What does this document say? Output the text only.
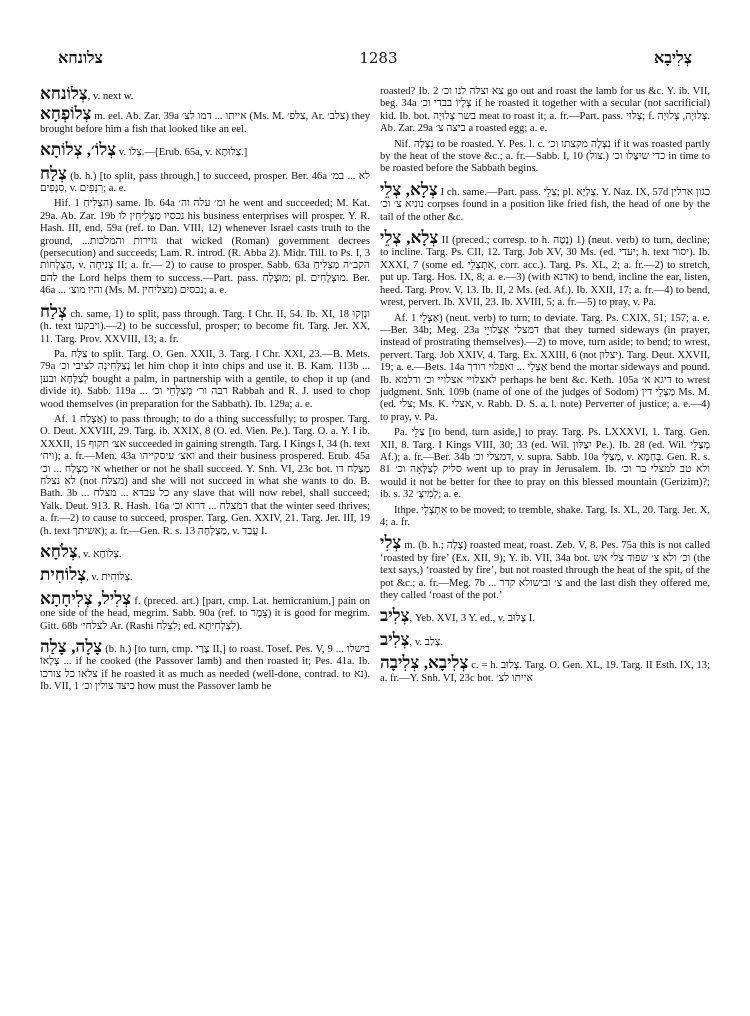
צלונחא	1283	צְלִיבָא

צְלוֹנחא, v. next w.

צְלוֹפְחָא m. eel. Ab. Zar. 39a אייתו ... דמו לצ׳ (Ms. M. צלּפ׳, Ar. צלב׳) they brought before him a fish that looked like an eel.

צְלוֹ׳, צְלוֹתָא v. צְלוֹ.—[Erub. 65a, v. צְלוּתָא.]

צְלַח (b. h.) [to split, pass through,] to succeed, prosper. Ber. 46a לא ... במ׳ סִנָּפִים, v. רִנְּפִים; a. e.

Hif. הִצְלִיחַ 1) same. Ib. 64a ומ׳ עלה וה׳ he went and succeeded; M. Kat. 29a. Ab. Zar. 19b נכסיו מַצְלִיחִין לו his business enterprises will prosper. Y. R. Hash. III, end, 59a (ref. to Dan. VIII, 12) whenever Israel casts truth to the ground, ...גזירות והמלכות that wicked (Roman) government decrees (persecution) and succeeds; Lam. R. introd. (R. Abba 2). Midr. Till. to Ps. I, 3 הַצְלָחוֹת, v. צְנִיחָה II; a. fr.— 2) to cause to prosper. Sabb. 63a הקב״ה מַצְלִיחַ להם the Lord helps them to success.—Part. pass. מוּצְלָח; pl. מוּצְלָחִים. Ber. 46a ... והיו מוצ׳ (Ms. M. מצליחין) נכסים; a. e.

צְלַח ch. same, 1) to split, pass through. Targ. I Chr. II, 54. Ib. XI, 18 ונָזְקוּ (h. text ויבקעו).—2) to be successful, prosper; to become fit. Targ. Jer. XX, 11. Targ. Prov. XXVIII, 13; a. fr.

Pa. צַלַּח to split. Targ. O. Gen. XXII, 3. Targ. I Chr. XXI, 23.—B. Mets. 79a נְצַלְּחִינָה לציבי וכ׳ let him chop it into chips and use it. B. Kam. 113b ... לְצַלְּחָא ובען bought a palm, in partnership with a gentile, to chop it up (and divide it). Sabb. 119a ... רבה ור׳ מְצַלְּחֵי וכ׳ Rabbah and R. J. used to chop wood themselves (in preparation for the Sabbath). Ib. 129a; a. e.

Af. אַצְלַח 1) to pass through; to do a thing successfully; to prosper. Targ. O. Deut. XXVIII, 29. Targ. ib. XXIX, 8 (O. ed. Vien. Pe.). Targ. O. a. Y. I ib. XXXII, 15 אצ׳ תקוף succeeded in gaining strength. Targ. I Kings I, 34 (h. text ויח׳); a. fr.—Men. 43a ואצ׳ עיסקייהו and their business prospered. Erub. 45a אי מַצְלַח ... וכ׳ whether or not he shall succeed. Y. Snh. VI, 23c bot. מַצְלַח דו לא נצלח (not מצלח) and she will not succeed in what she wants to do. B. Bath. 3b ... כל עבדא ... מצלח any slave that will now rebel, shall succeed; Yalk. Deut. 913. R. Hash. 16a דמצלח ... דרוא וכ׳ that the winter seed thrives; a. fr.—2) to cause to succeed, prosper. Targ. Gen. XXIV, 21. Targ. Jer. III, 19 (h. text אשיתך); a. fr.—Gen. R. s. 13 מַצְלְחָה, v. עֲבַד I.

צְלֹחָא, v. צְלוֹחָא.

צְלוֹחִית, v. צְלוֹחִית.

צְלִיל, צְלִיחָתָא f. (preced. art.) [part, cmp. Lat. hemicranium,] pain on one side of the head, megrim. Sabb. 90a (ref. to צֵמֶר) it is good for megrim. Gitt. 68b לצלחי׳ Ar. (Rashi לִצְלַח; ed. לִצְלְחִיתָא).

צָלָה, צָלַה (b. h.) [to turn, cmp. צָרַי II,] to roast. Tosef. Pes. V, 9 ... בישלו ... צְלָאוֹ if he cooked (the Passover lamb) and then roasted it; Pes. 41a. Ib. צלאו כל צורכו if he roasted it as much as needed (well-done, contrad. to נא). Ib. VII, 1 כיצד צולין וכ׳ how must the Passover lamb be

roasted? Ib. 2 צא וצלה לנו וכ׳ go out and roast the lamb for us &c. Y. ib. VII, beg. 34a צְלָיוֹ בבדי וכ׳ if he roasted it together with a secular (not sacrificial) kid. Ib. bot. בשר צְלוּיָה meat to roast it; a. fr.—Part. pass. צָלוּי; f. צְלוּיָה, צְלוּיָה. Ab. Zar. 29a ביצה צ׳ a roasted egg; a. e.

Nif. נִצְלָה to be roasted. Y. Pes. l. c. נִצְלָה מקצתו וכ׳ if it was roasted partly by the heat of the stove &c.; a. fr.—Sabb. I, 10 (צול.) כדי שיִצָּלוּ וכ׳ in time to be roasted before the Sabbath begins.

צְלָא, צְלֵי I ch. same.—Part. pass. צְלֵי; pl. צְלַיָּא. Y. Naz. IX, 57d כגון ארלין נוניא צ׳ וכ׳ corpses found in a position like fried fish, the head of one by the tail of the other &c.

צְלָא, צְלֵי II (preced.; corresp. to h. נָטָה) 1) (neut. verb) to turn, decline; to incline. Targ. Ps. CII, 12. Targ. Job XV, 30 Ms. (ed. יעדי; h. text יסור). Ib. XXXI, 7 (some ed. אִתְצְלֵי, corr. acc.). Targ. Ps. XL, 2; a. fr.—2) to stretch, put up. Targ. Hos. IX, 8; a. e.—3) (with אדנא) to bend, incline the ear, listen, heed. Targ. Prov. V, 13. Ib. II, 2 Ms. (ed. Af.). Ib. XXII, 17; a. fr.—4) to bend, wrest, pervert. Ib. XVII, 23. Ib. XVIII, 5; a. fr.—5) to pray, v. Pa.

Af. אַצְלֵי 1) (neut. verb) to turn; to deviate. Targ. Ps. CXIX, 51; 157; a. e.—Ber. 34b; Meg. 23a דמצלי אַצְלוּיֵי that they turned sideways (in prayer, instead of prostrating themselves).—2) to move, turn aside; to bend; to wrest, pervert. Targ. Job XXIV, 4. Targ. Ex. XXIII, 6 (not יצלון). Targ. Deut. XXVII, 19; a. e.—Bets. 14a אַצְלֵי ... ואפלוי רודך bend the mortar sideways and pound. Ib. לאצלויי אצלויי וכ׳ ודלמא perhaps he bent &c. Keth. 105a דיגא א׳ to wrest judgment. Snh. 109b (name of one of the judges of Sodom) מַצְלֵי דין Ms. M. (ed. צלי; Ms. K. אצלי, v. Rabb. D. S. a. l. note) Perverter of justice; a. e.—4) to pray, v. Pa.

Pa. צַלֵּי [to bend, turn aside,] to pray. Targ. Ps. LXXXVI, 1. Targ. Gen. XII, 8. Targ. I Kings VIII, 30; 33 (ed. Wil. יִצַלּוּן Pe.). Ib. 28 (ed. Wil. מְצַלֵּי Af.); a. fr.—Ber. 34b דמצלי וכ׳, v. supra. Sabb. 10a מְצַלֵּי, v. בְּחַמָּא. Gen. R. s. 81 סליק לְצַלָּאָה וכ׳ went up to pray in Jerusalem. Ib. ולא טב למצלי בר וכ׳ would it not be better for thee to pray on this blessed mountain (Gerizim)?; ib. s. 32 לְמִיצָּ׳; a. e.

Ithpe. אִתְצְלִי to be moved; to tremble, shake. Targ. Is. XL, 20. Targ. Jer. X, 4; a. fr.

צְלִי m. (b. h.; צָלָה) roasted meat, roast. Zeb. V, 8. Pes. 75a this is not called ‘roasted by fire’ (Ex. XII, 9); Y. ib. VII, 34a bot. וכ׳ ולא צ׳ שפוד צלי אש (the text says,) ‘roasted by fire’, but not roasted through the heat of the spit, of the pot &c.; a. fr.—Meg. 7b ... צ׳ ובישולא קדר and the last dish they offered me, they called ‘roast of the pot.’

צְלִיב, Yeb. XVI, 3 Y. ed., v. צָלוּב I.

צְלִיב, v. צְלַב.

צְלִיבָא, צְלִיבָה c. = h. צְלוּב. Targ. O. Gen. XL, 19. Targ. II Esth. IX, 13; a. fr.—Y. Snh. VI, 23c bot. אייתו לצ׳
